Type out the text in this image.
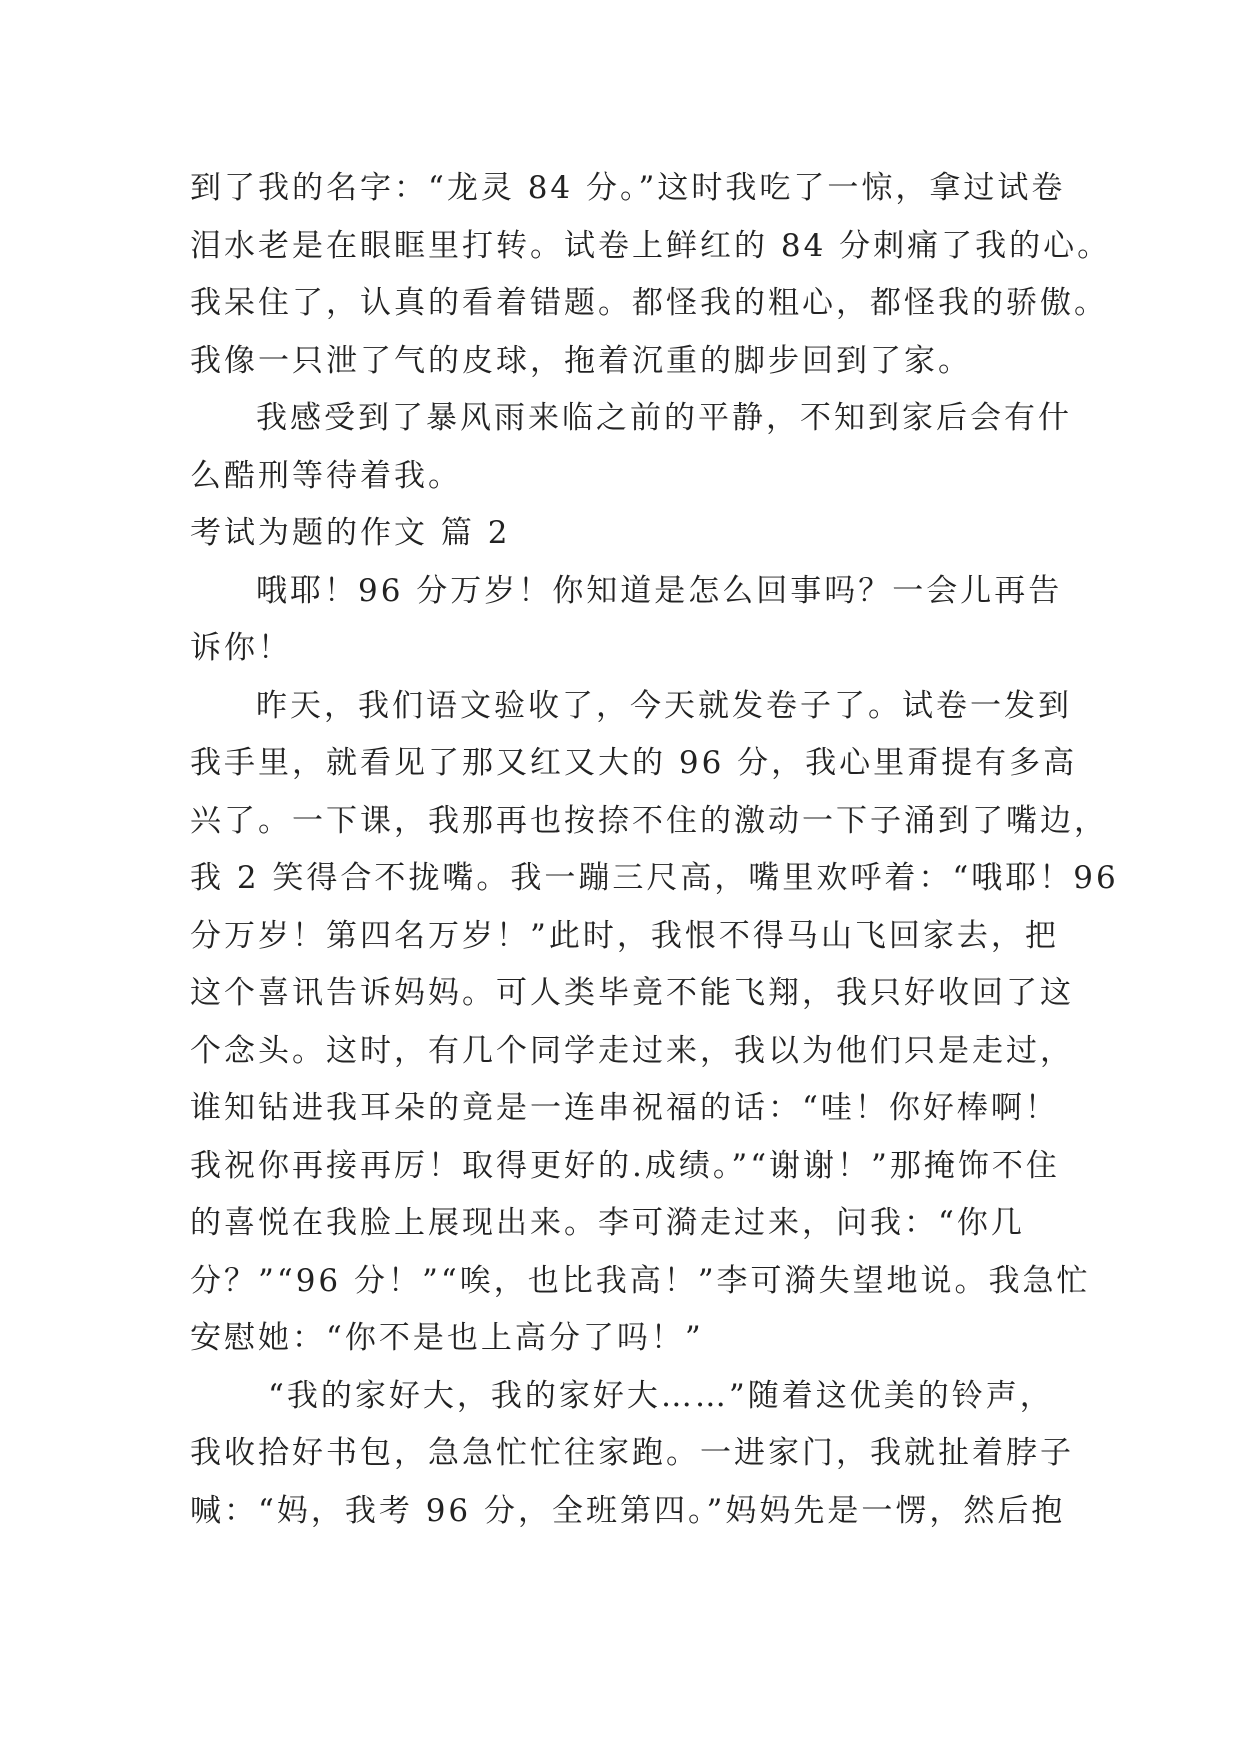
到了我的名字：“龙灵 84 分。”这时我吃了一惊，拿过试卷
泪水老是在眼眶里打转。试卷上鲜红的 84 分刺痛了我的心。
我呆住了，认真的看着错题。都怪我的粗心，都怪我的骄傲。
我像一只泄了气的皮球，拖着沉重的脚步回到了家。
我感受到了暴风雨来临之前的平静，不知到家后会有什
么酷刑等待着我。
考试为题的作文 篇 2
哦耶！96 分万岁！你知道是怎么回事吗？一会儿再告
诉你！
昨天，我们语文验收了，今天就发卷子了。试卷一发到
我手里，就看见了那又红又大的 96 分，我心里甭提有多高
兴了。一下课，我那再也按捺不住的激动一下子涌到了嘴边，
我 2 笑得合不拢嘴。我一蹦三尺高，嘴里欢呼着：“哦耶！96
分万岁！第四名万岁！”此时，我恨不得马山飞回家去，把
这个喜讯告诉妈妈。可人类毕竟不能飞翔，我只好收回了这
个念头。这时，有几个同学走过来，我以为他们只是走过，
谁知钻进我耳朵的竟是一连串祝福的话：“哇！你好棒啊！
我祝你再接再厉！取得更好的.成绩。”“谢谢！”那掩饰不住
的喜悦在我脸上展现出来。李可漪走过来，问我：“你几
分？”“96 分！”“唉，也比我高！”李可漪失望地说。我急忙
安慰她：“你不是也上高分了吗！”
“我的家好大，我的家好大……”随着这优美的铃声，
我收拾好书包，急急忙忙往家跑。一进家门，我就扯着脖子
喊：“妈，我考 96 分，全班第四。”妈妈先是一愣，然后抱
